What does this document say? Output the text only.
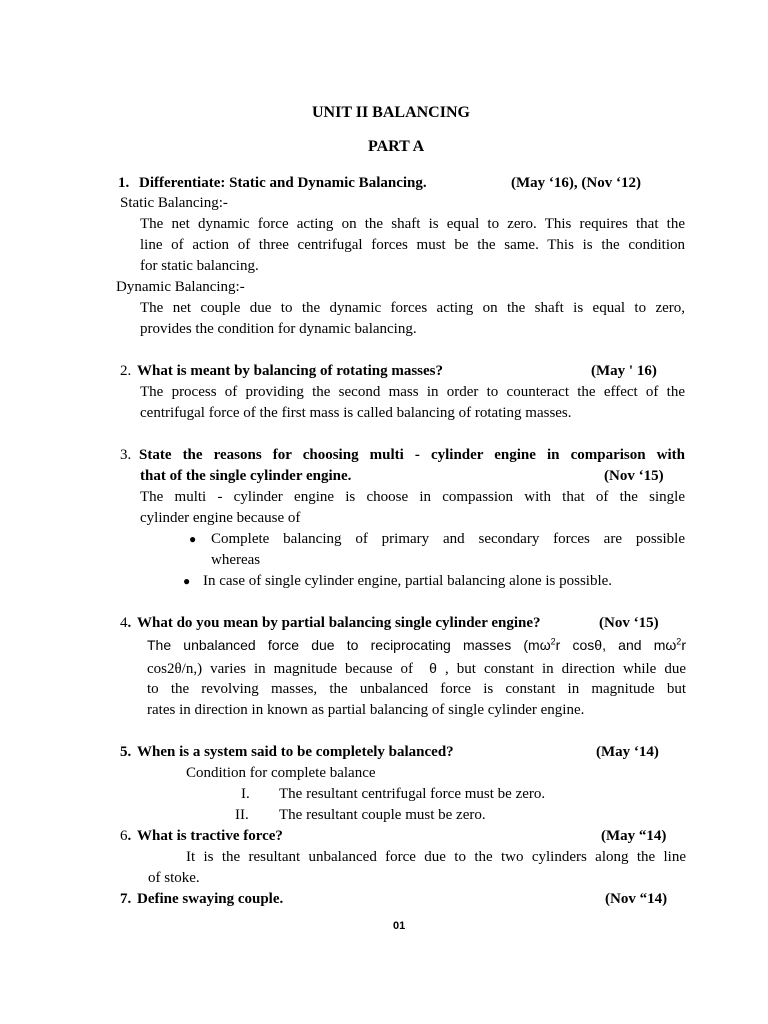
UNIT II BALANCING
PART A
1. Differentiate: Static and Dynamic Balancing.	(May ‘16), (Nov ‘12)
Static Balancing:-
The net dynamic force acting on the shaft is equal to zero. This requires that the
line of action of three centrifugal forces must be the same. This is the condition
for static balancing.
Dynamic Balancing:-
The net couple due to the dynamic forces acting on the shaft is equal to zero,
provides the condition for dynamic balancing.
2. What is meant by balancing of rotating masses?	(May ' 16)
The process of providing the second mass in order to counteract the effect of the
centrifugal force of the first mass is called balancing of rotating masses.
3. State the reasons for choosing multi - cylinder engine in comparison with
that of the single cylinder engine.	(Nov ‘15)
The multi - cylinder engine is choose in compassion with that of the single
cylinder engine because of
● Complete balancing of primary and secondary forces are possible
whereas
● In case of single cylinder engine, partial balancing alone is possible.
4. What do you mean by partial balancing single cylinder engine?	(Nov ‘15)
The unbalanced force due to reciprocating masses ($m\omega^2r$ cosθ, and $m\omega^2r$
cos2θ/n,) varies in magnitude because of θ , but constant in direction while due
to the revolving masses, the unbalanced force is constant in magnitude but
rates in direction in known as partial balancing of single cylinder engine.
5. When is a system said to be completely balanced?	(May ‘14)
Condition for complete balance
I. The resultant centrifugal force must be zero.
II. The resultant couple must be zero.
6. What is tractive force?	(May “14)
It is the resultant unbalanced force due to the two cylinders along the line
of stoke.
7. Define swaying couple.	(Nov “14)
01
